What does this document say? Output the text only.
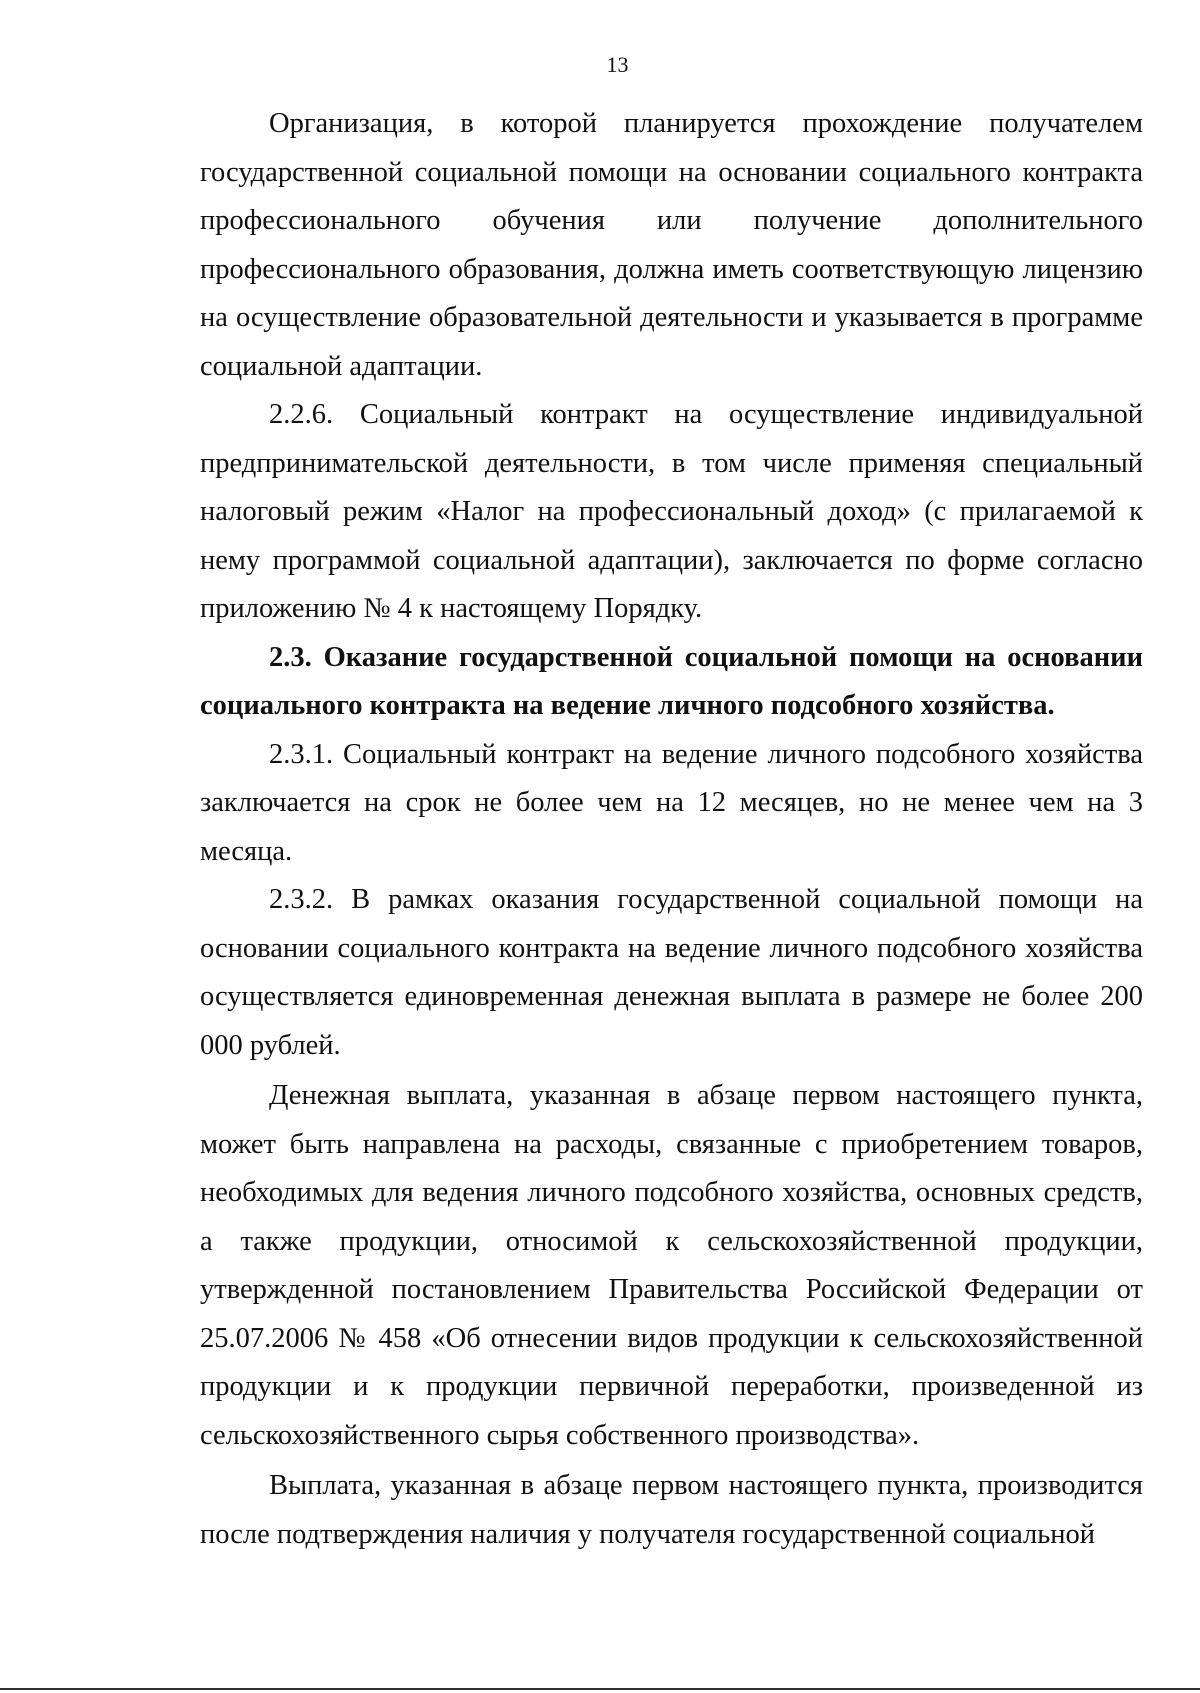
13

Организация, в которой планируется прохождение получателем государственной социальной помощи на основании социального контракта профессионального обучения или получение дополнительного профессионального образования, должна иметь соответствующую лицензию на осуществление образовательной деятельности и указывается в программе социальной адаптации.

2.2.6. Социальный контракт на осуществление индивидуальной предпринимательской деятельности, в том числе применяя специальный налоговый режим «Налог на профессиональный доход» (с прилагаемой к нему программой социальной адаптации), заключается по форме согласно приложению № 4 к настоящему Порядку.

2.3. Оказание государственной социальной помощи на основании социального контракта на ведение личного подсобного хозяйства.

2.3.1. Социальный контракт на ведение личного подсобного хозяйства заключается на срок не более чем на 12 месяцев, но не менее чем на 3 месяца.

2.3.2. В рамках оказания государственной социальной помощи на основании социального контракта на ведение личного подсобного хозяйства осуществляется единовременная денежная выплата в размере не более 200 000 рублей.

Денежная выплата, указанная в абзаце первом настоящего пункта, может быть направлена на расходы, связанные с приобретением товаров, необходимых для ведения личного подсобного хозяйства, основных средств, а также продукции, относимой к сельскохозяйственной продукции, утвержденной постановлением Правительства Российской Федерации от 25.07.2006 № 458 «Об отнесении видов продукции к сельскохозяйственной продукции и к продукции первичной переработки, произведенной из сельскохозяйственного сырья собственного производства».

Выплата, указанная в абзаце первом настоящего пункта, производится после подтверждения наличия у получателя государственной социальной
